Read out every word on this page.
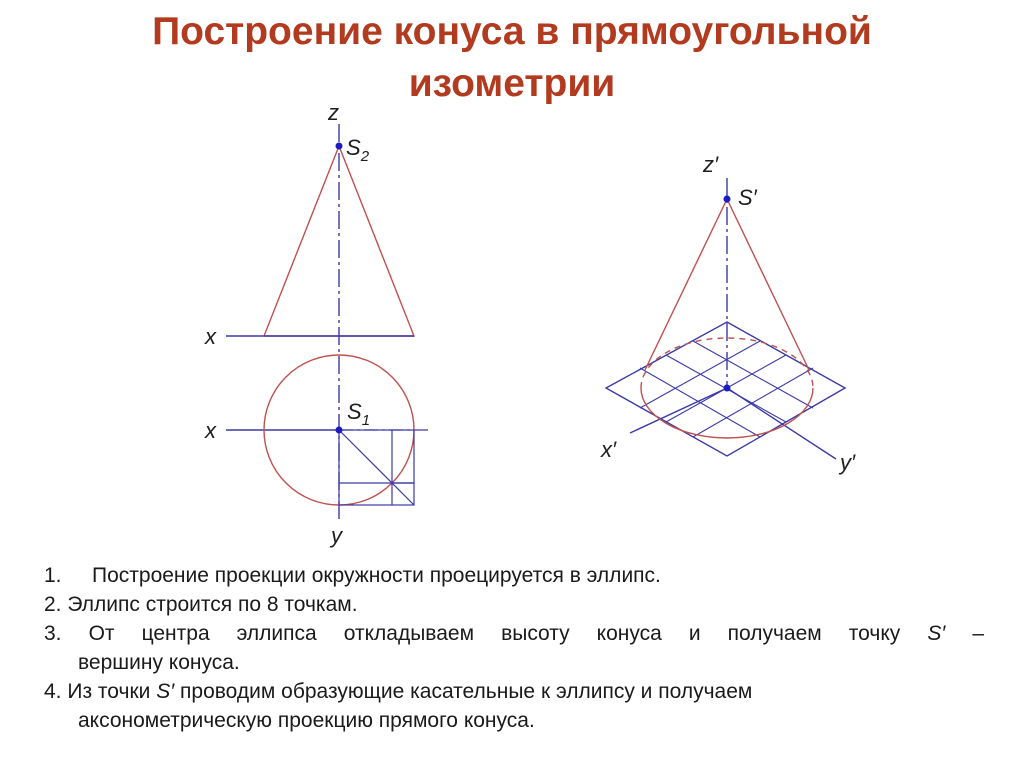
Построение конуса в прямоугольной
изометрии
z
x
x
y
$S_2$
$S_1$
z′
S′
x′
y′
1. Построение проекции окружности проецируется в эллипс.
2. Эллипс строится по 8 точкам.
3. От центра эллипса откладываем высоту конуса и получаем точку S′ –
вершину конуса.
4. Из точки S′ проводим образующие касательные к эллипсу и получаем
аксонометрическую проекцию прямого конуса.
